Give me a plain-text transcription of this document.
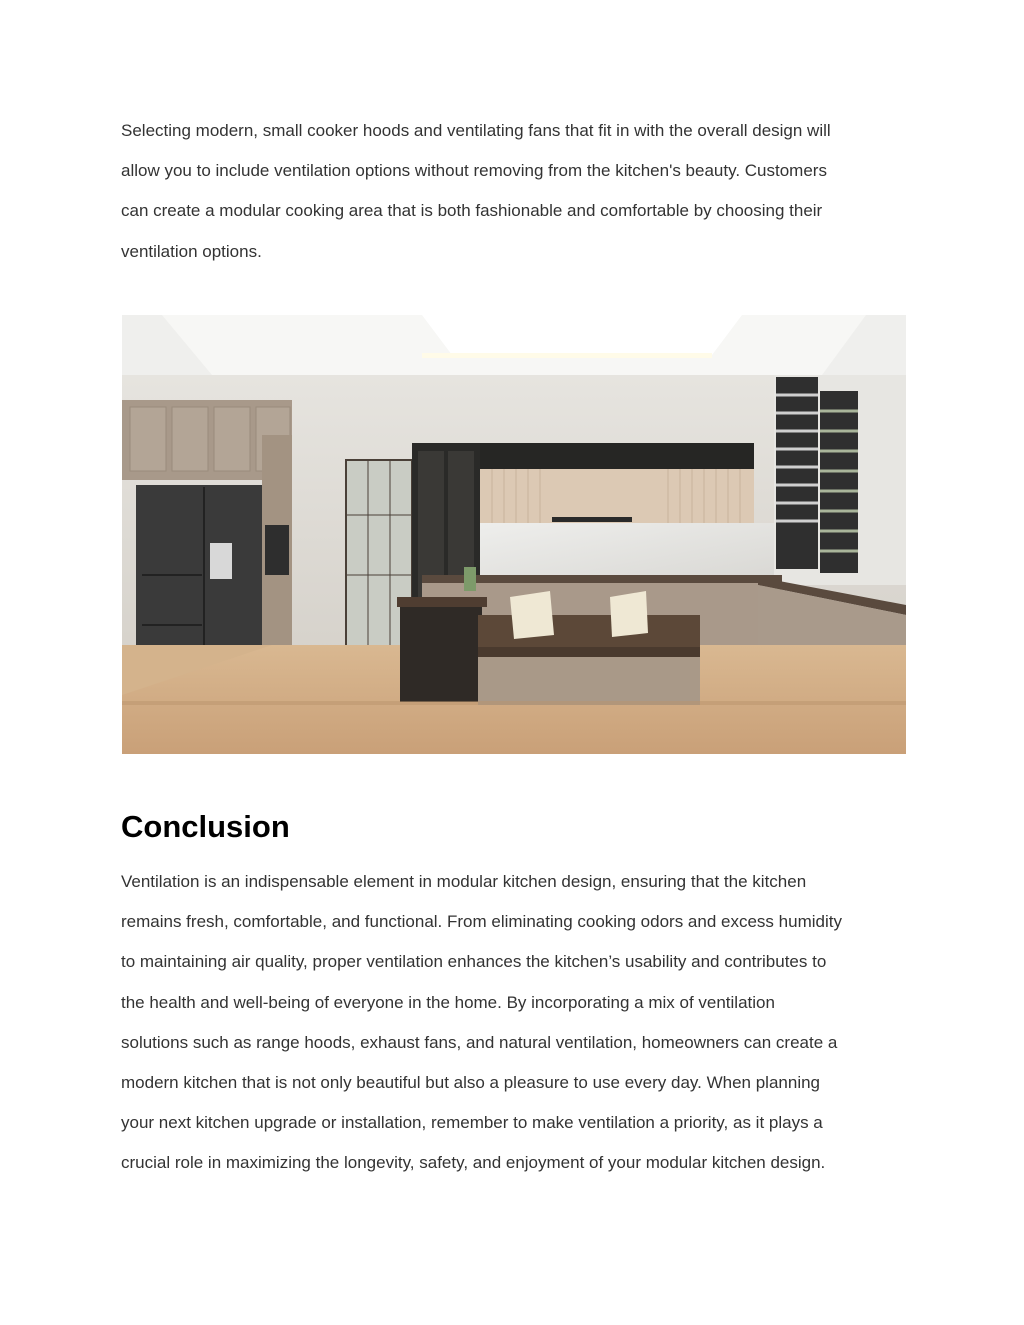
Selecting modern, small cooker hoods and ventilating fans that fit in with the overall design will
allow you to include ventilation options without removing from the kitchen's beauty. Customers
can create a modular cooking area that is both fashionable and comfortable by choosing their
ventilation options.

Conclusion

Ventilation is an indispensable element in modular kitchen design, ensuring that the kitchen
remains fresh, comfortable, and functional. From eliminating cooking odors and excess humidity
to maintaining air quality, proper ventilation enhances the kitchen’s usability and contributes to
the health and well-being of everyone in the home. By incorporating a mix of ventilation
solutions such as range hoods, exhaust fans, and natural ventilation, homeowners can create a
modern kitchen that is not only beautiful but also a pleasure to use every day. When planning
your next kitchen upgrade or installation, remember to make ventilation a priority, as it plays a
crucial role in maximizing the longevity, safety, and enjoyment of your modular kitchen design.
